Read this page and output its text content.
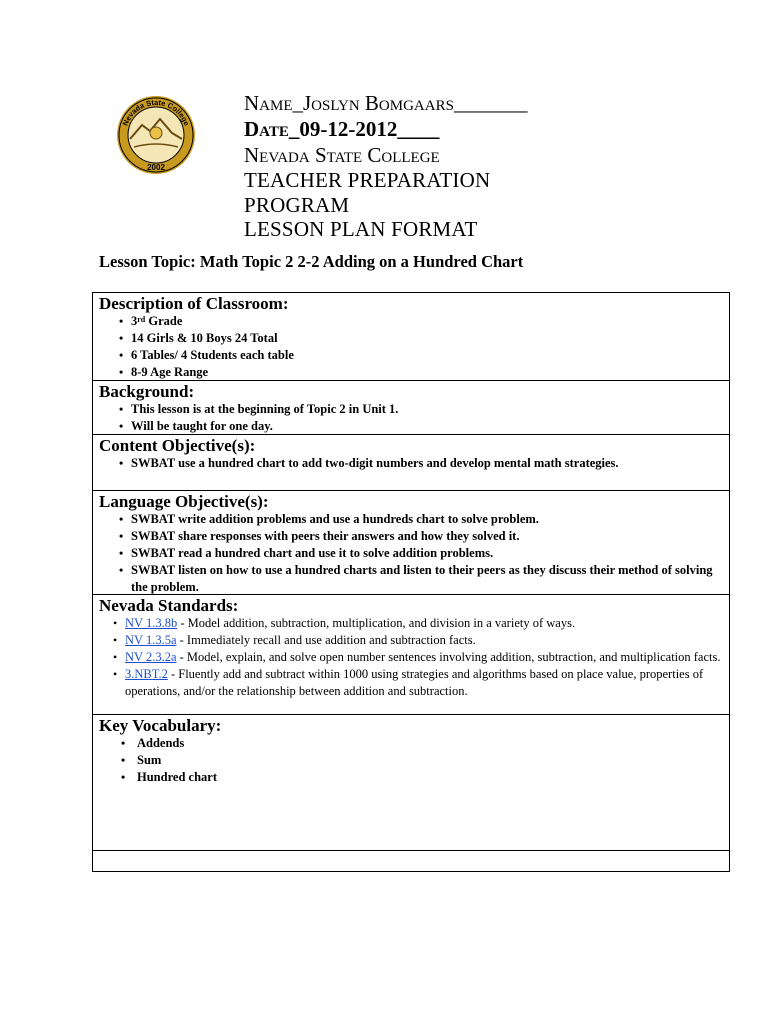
Nevada State College
2002
Name_Joslyn Bomgaars_______
Date_09-12-2012____
Nevada State College
TEACHER PREPARATION
PROGRAM
LESSON PLAN FORMAT
Lesson Topic: Math Topic 2 2-2 Adding on a Hundred Chart
Description of Classroom:
• 3rd Grade
• 14 Girls & 10 Boys 24 Total
• 6 Tables/ 4 Students each table
• 8-9 Age Range
Background:
• This lesson is at the beginning of Topic 2 in Unit 1.
• Will be taught for one day.
Content Objective(s):
• SWBAT use a hundred chart to add two-digit numbers and develop mental math strategies.
Language Objective(s):
• SWBAT write addition problems and use a hundreds chart to solve problem.
• SWBAT share responses with peers their answers and how they solved it.
• SWBAT read a hundred chart and use it to solve addition problems.
• SWBAT listen on how to use a hundred charts and listen to their peers as they discuss their method of solving the problem.
Nevada Standards:
• NV 1.3.8b - Model addition, subtraction, multiplication, and division in a variety of ways.
• NV 1.3.5a - Immediately recall and use addition and subtraction facts.
• NV 2.3.2a - Model, explain, and solve open number sentences involving addition, subtraction, and multiplication facts.
• 3.NBT.2 - Fluently add and subtract within 1000 using strategies and algorithms based on place value, properties of operations, and/or the relationship between addition and subtraction.
Key Vocabulary:
• Addends
• Sum
• Hundred chart
